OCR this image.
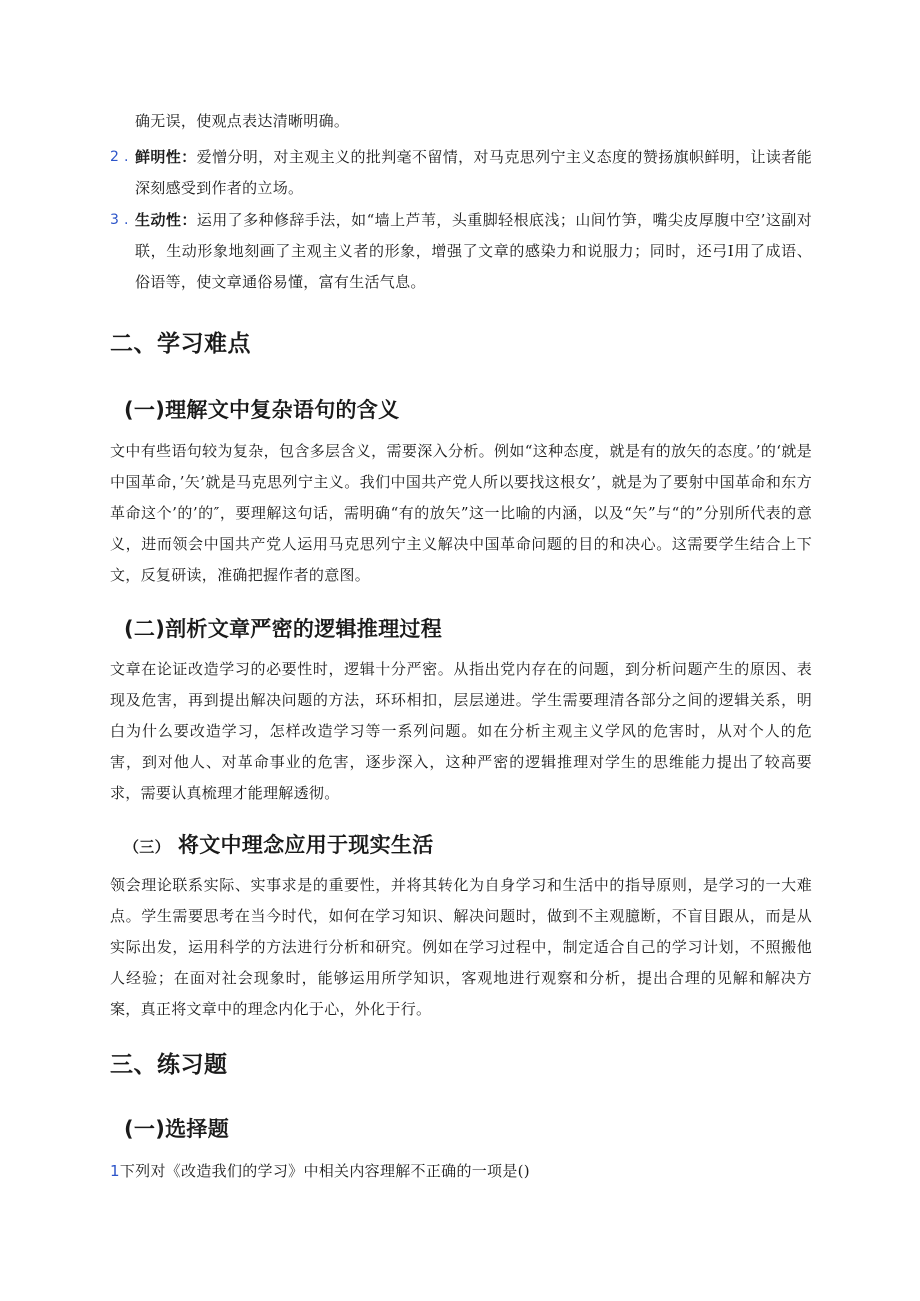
确无误，使观点表达清晰明确。

2 . 鲜明性：爱憎分明，对主观主义的批判毫不留情，对马克思列宁主义态度的赞扬旗帜鲜明，让读者能深刻感受到作者的立场。
3 . 生动性：运用了多种修辞手法，如“墙上芦苇，头重脚轻根底浅；山间竹笋，嘴尖皮厚腹中空’这副对联，生动形象地刻画了主观主义者的形象，增强了文章的感染力和说服力；同时，还弓I用了成语、俗语等，使文章通俗易懂，富有生活气息。
二、学习难点
(一)理解文中复杂语句的含义

文中有些语句较为复杂，包含多层含义，需要深入分析。例如“这种态度，就是有的放矢的态度。’的‘就是中国革命，’矢’就是马克思列宁主义。我们中国共产党人所以要找这根女’，就是为了要射中国革命和东方革命这个’的’的″，要理解这句话，需明确“有的放矢”这一比喻的内涵，以及“矢”与“的”分别所代表的意义，进而领会中国共产党人运用马克思列宁主义解决中国革命问题的目的和决心。这需要学生结合上下文，反复研读，准确把握作者的意图。

(二)剖析文章严密的逻辑推理过程

文章在论证改造学习的必要性时，逻辑十分严密。从指出党内存在的问题，到分析问题产生的原因、表现及危害，再到提出解决问题的方法，环环相扣，层层递进。学生需要理清各部分之间的逻辑关系，明白为什么要改造学习，怎样改造学习等一系列问题。如在分析主观主义学风的危害时，从对个人的危害，到对他人、对革命事业的危害，逐步深入，这种严密的逻辑推理对学生的思维能力提出了较高要求，需要认真梳理才能理解透彻。

（三） 将文中理念应用于现实生活

领会理论联系实际、实事求是的重要性，并将其转化为自身学习和生活中的指导原则，是学习的一大难点。学生需要思考在当今时代，如何在学习知识、解决问题时，做到不主观臆断，不盲目跟从，而是从实际出发，运用科学的方法进行分析和研究。例如在学习过程中，制定适合自己的学习计划，不照搬他人经验；在面对社会现象时，能够运用所学知识，客观地进行观察和分析，提出合理的见解和解决方案，真正将文章中的理念内化于心，外化于行。

三、练习题
(一)选择题
1下列对《改造我们的学习》中相关内容理解不正确的一项是()
